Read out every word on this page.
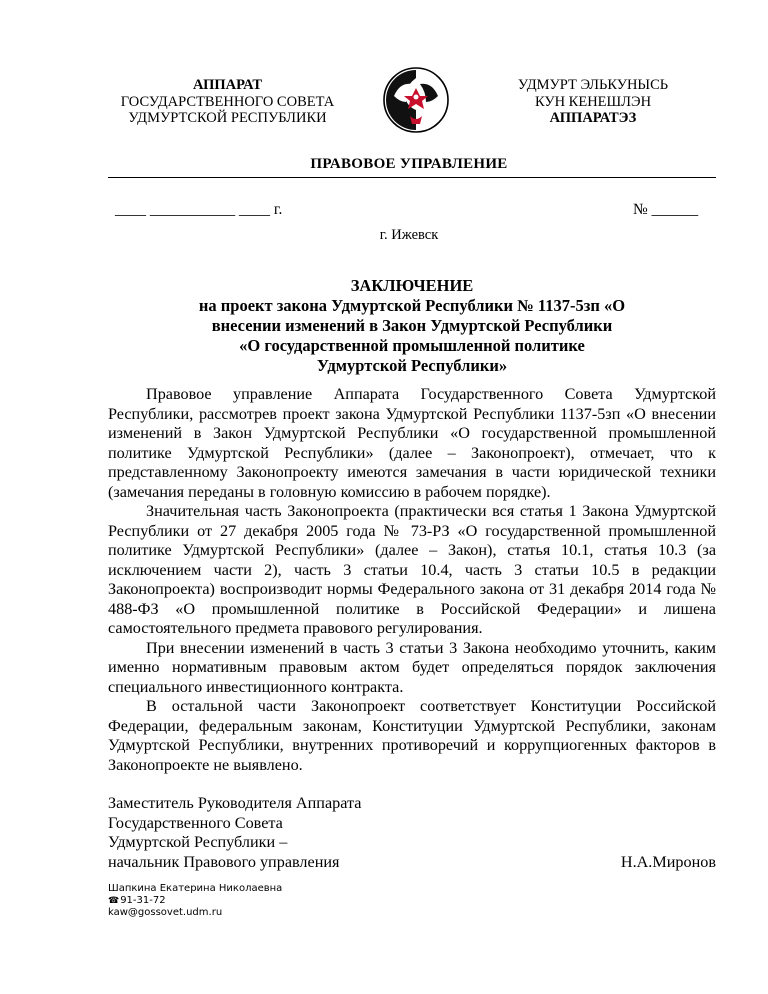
АППАРАТ
ГОСУДАРСТВЕННОГО СОВЕТА
УДМУРТСКОЙ РЕСПУБЛИКИ
УДМУРТ ЭЛЬКУНЫСЬ
КУН КЕНЕШЛЭН
АППАРАТЭЗ
ПРАВОВОЕ УПРАВЛЕНИЕ
____ ___________ ____ г.	№ ______
г. Ижевск
ЗАКЛЮЧЕНИЕ
на проект закона Удмуртской Республики № 1137-5зп «О
внесении изменений в Закон Удмуртской Республики
«О государственной промышленной политике
Удмуртской Республики»

Правовое управление Аппарата Государственного Совета Удмуртской Республики, рассмотрев проект закона Удмуртской Республики 1137-5зп «О внесении изменений в Закон Удмуртской Республики «О государственной промышленной политике Удмуртской Республики» (далее – Законопроект), отмечает, что к представленному Законопроекту имеются замечания в части юридической техники (замечания переданы в головную комиссию в рабочем порядке).

Значительная часть Законопроекта (практически вся статья 1 Закона Удмуртской Республики от 27 декабря 2005 года № 73-РЗ «О государственной промышленной политике Удмуртской Республики» (далее – Закон), статья 10.1, статья 10.3 (за исключением части 2), часть 3 статьи 10.4, часть 3 статьи 10.5 в редакции Законопроекта) воспроизводит нормы Федерального закона от 31 декабря 2014 года № 488-ФЗ «О промышленной политике в Российской Федерации» и лишена самостоятельного предмета правового регулирования.

При внесении изменений в часть 3 статьи 3 Закона необходимо уточнить, каким именно нормативным правовым актом будет определяться порядок заключения специального инвестиционного контракта.

В остальной части Законопроект соответствует Конституции Российской Федерации, федеральным законам, Конституции Удмуртской Республики, законам Удмуртской Республики, внутренних противоречий и коррупциогенных факторов в Законопроекте не выявлено.

Заместитель Руководителя Аппарата
Государственного Совета
Удмуртской Республики –
начальник Правового управления	Н.А.Миронов
Шапкина Екатерина Николаевна
☎ 91-31-72
kaw@gossovet.udm.ru
